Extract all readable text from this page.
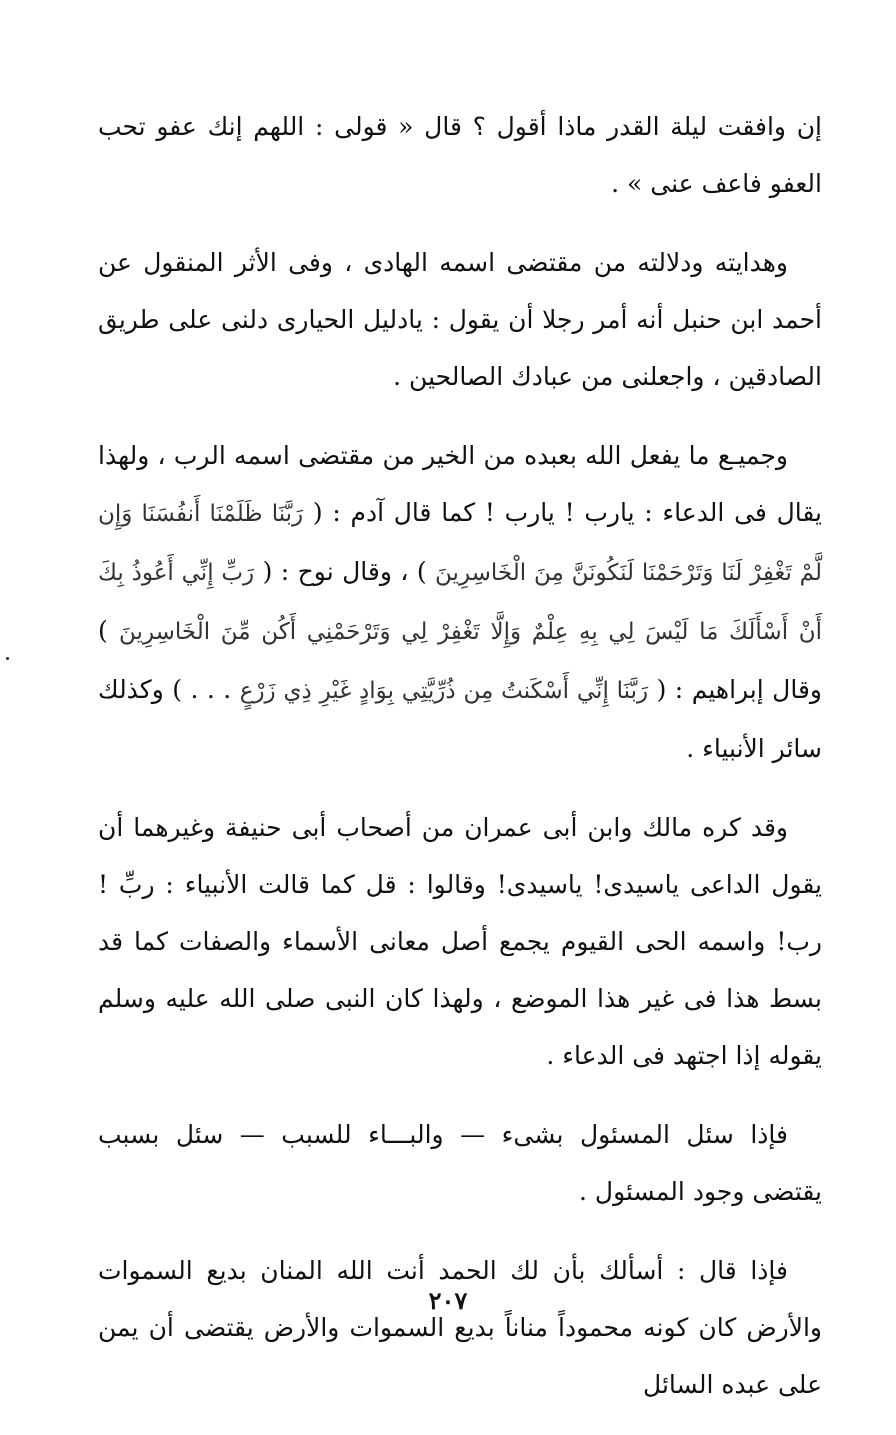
إن وافقت ليلة القدر ماذا أقول ؟ قال « قولى : اللهم إنك عفو تحب العفو فاعف عنى » .

وهدايته ودلالته من مقتضى اسمه الهادى ، وفى الأثر المنقول عن أحمد ابن حنبل أنه أمر رجلا أن يقول : يادليل الحيارى دلنى على طريق الصادقين ، واجعلنى من عبادك الصالحين .

وجميـع ما يفعل الله بعبده من الخير من مقتضى اسمه الرب ، ولهذا يقال فى الدعاء : يارب ! يارب ! كما قال آدم : ( رَبَّنَا ظَلَمْنَا أَنفُسَنَا وَإِن لَّمْ تَغْفِرْ لَنَا وَتَرْحَمْنَا لَنَكُونَنَّ مِنَ الْخَاسِرِينَ ) ، وقال نوح : ( رَبِّ إِنِّي أَعُوذُ بِكَ أَنْ أَسْأَلَكَ مَا لَيْسَ لِي بِهِ عِلْمٌ وَإِلَّا تَغْفِرْ لِي وَتَرْحَمْنِي أَكُن مِّنَ الْخَاسِرِينَ ) وقال إبراهيم : ( رَبَّنَا إِنِّي أَسْكَنتُ مِن ذُرِّيَّتِي بِوَادٍ غَيْرِ ذِي زَرْعٍ . . . ) وكذلك سائر الأنبياء .

وقد كره مالك وابن أبى عمران من أصحاب أبى حنيفة وغيرهما أن يقول الداعى ياسيدى! ياسيدى! وقالوا : قل كما قالت الأنبياء : ربِّ ! رب! واسمه الحى القيوم يجمع أصل معانى الأسماء والصفات كما قد بسط هذا فى غير هذا الموضع ، ولهذا كان النبى صلى الله عليه وسلم يقوله إذا اجتهد فى الدعاء .

فإذا سئل المسئول بشىء — والبـــاء للسبب — سئل بسبب يقتضى وجود المسئول .

فإذا قال : أسألك بأن لك الحمد أنت الله المنان بديع السموات والأرض كان كونه محموداً مناناً بديع السموات والأرض يقتضى أن يمن على عبده السائل

٢٠٧
